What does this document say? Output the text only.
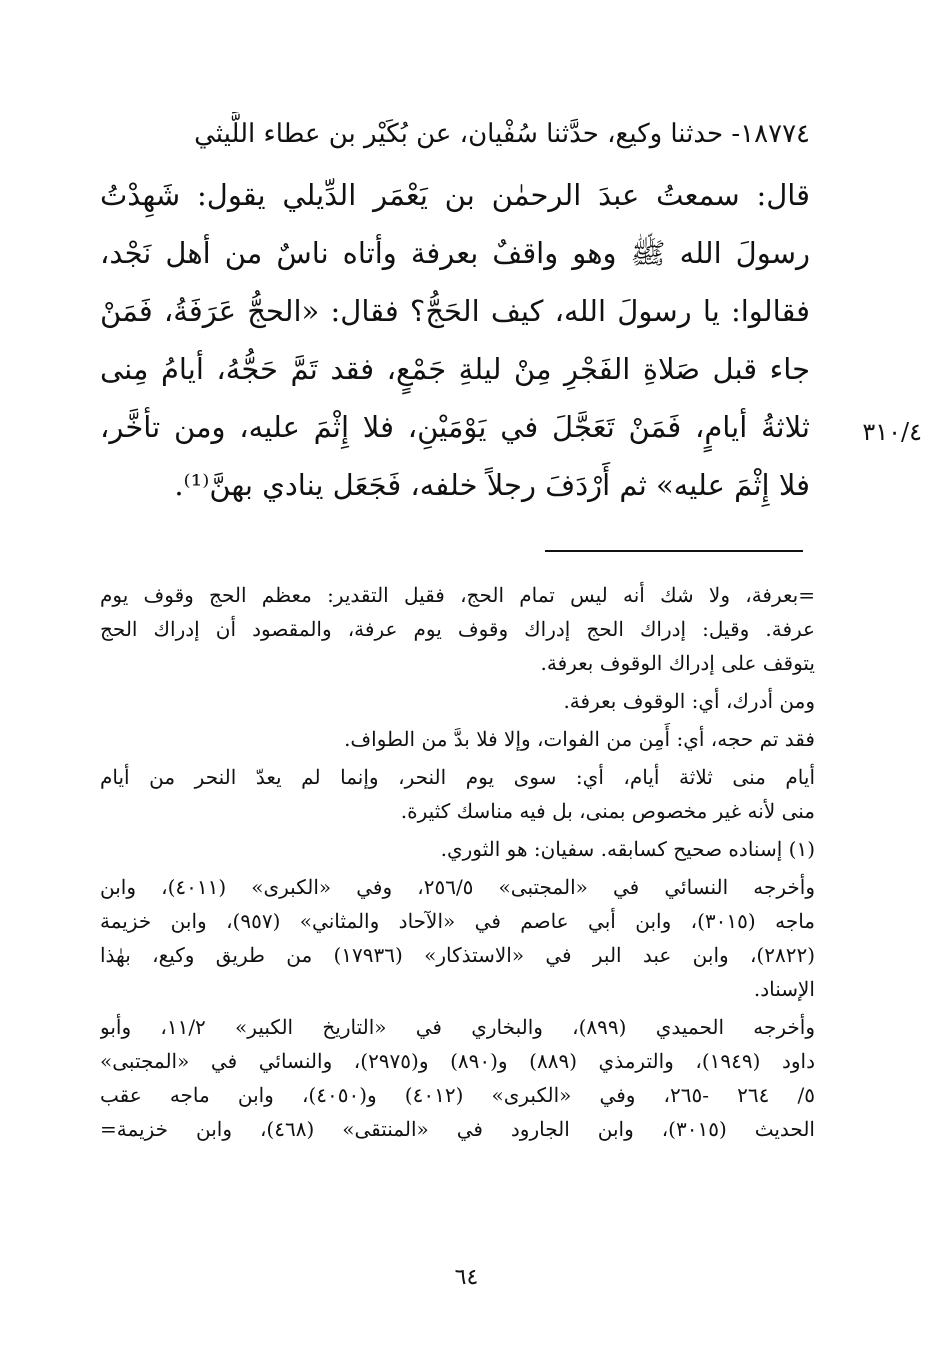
١٨٧٧٤- حدثنا وكيع، حدَّثنا سُفْيان، عن بُكَيْر بن عطاء اللَّيثي
قال: سمعتُ عبدَ الرحمٰن بن يَعْمَر الدِّيلي يقول: شَهِدْتُ
رسولَ الله ﷺ وهو واقفٌ بعرفة وأتاه ناسٌ من أهل نَجْد،
فقالوا: يا رسولَ الله، كيف الحَجُّ؟ فقال: «الحجُّ عَرَفَةُ، فَمَنْ
جاء قبل صَلاةِ الفَجْرِ مِنْ ليلةِ جَمْعٍ، فقد تَمَّ حَجُّهُ، أيامُ مِنى
ثلاثةُ أيامٍ، فَمَنْ تَعَجَّلَ في يَوْمَيْنِ، فلا إِثْمَ عليه، ومن تأخَّر،
فلا إِثْمَ عليه» ثم أَرْدَفَ رجلاً خلفه، فَجَعَل ينادي بهنَّ⁽¹⁾.
٣١٠/٤
=بعرفة، ولا شك أنه ليس تمام الحج، فقيل التقدير: معظم الحج وقوف يوم
عرفة. وقيل: إدراك الحج إدراك وقوف يوم عرفة، والمقصود أن إدراك الحج
يتوقف على إدراك الوقوف بعرفة.
ومن أدرك، أي: الوقوف بعرفة.
فقد تم حجه، أي: أَمِن من الفوات، وإلا فلا بدَّ من الطواف.
أيام منى ثلاثة أيام، أي: سوى يوم النحر، وإنما لم يعدّ النحر من أيام
منى لأنه غير مخصوص بمنى، بل فيه مناسك كثيرة.
(١) إسناده صحيح كسابقه. سفيان: هو الثوري.
وأخرجه النسائي في «المجتبى» ٢٥٦/٥، وفي «الكبرى» (٤٠١١)، وابن
ماجه (٣٠١٥)، وابن أبي عاصم في «الآحاد والمثاني» (٩٥٧)، وابن خزيمة
(٢٨٢٢)، وابن عبد البر في «الاستذكار» (١٧٩٣٦) من طريق وكيع، بهٰذا
الإسناد.
وأخرجه الحميدي (٨٩٩)، والبخاري في «التاريخ الكبير» ١١/٢، وأبو
داود (١٩٤٩)، والترمذي (٨٨٩) و(٨٩٠) و(٢٩٧٥)، والنسائي في «المجتبى»
٥/ ٢٦٤ -٢٦٥، وفي «الكبرى» (٤٠١٢) و(٤٠٥٠)، وابن ماجه عقب
الحديث (٣٠١٥)، وابن الجارود في «المنتقى» (٤٦٨)، وابن خزيمة=
٦٤
